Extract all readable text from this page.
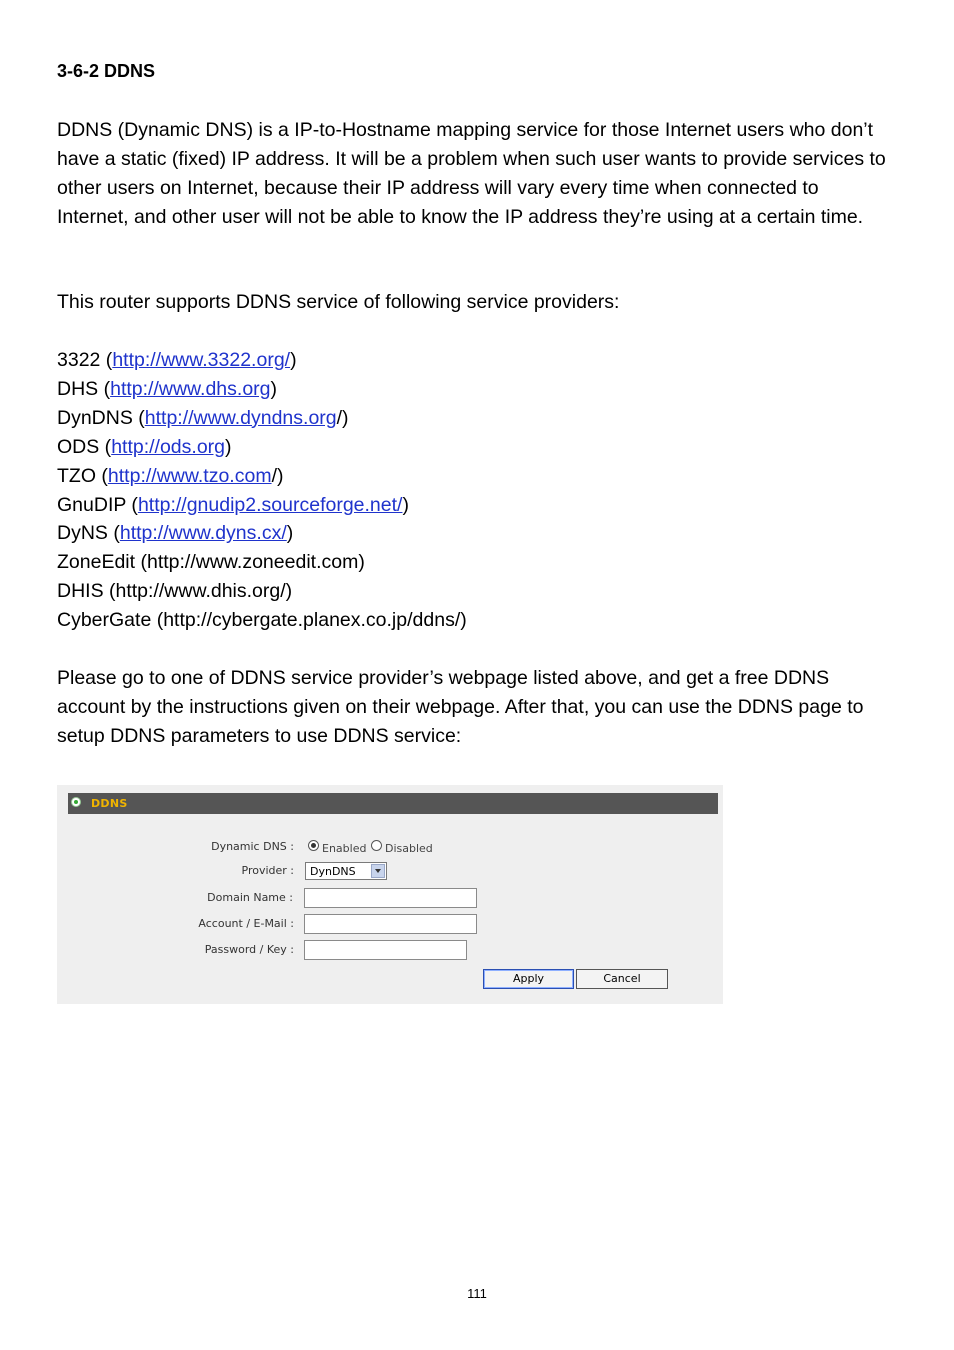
3-6-2 DDNS

DDNS (Dynamic DNS) is a IP-to-Hostname mapping service for those Internet users who don’t have a static (fixed) IP address. It will be a problem when such user wants to provide services to other users on Internet, because their IP address will vary every time when connected to Internet, and other user will not be able to know the IP address they’re using at a certain time.

This router supports DDNS service of following service providers:

3322 (http://www.3322.org/)
DHS (http://www.dhs.org)
DynDNS (http://www.dyndns.org/)
ODS (http://ods.org)
TZO (http://www.tzo.com/)
GnuDIP (http://gnudip2.sourceforge.net/)
DyNS (http://www.dyns.cx/)
ZoneEdit (http://www.zoneedit.com)
DHIS (http://www.dhis.org/)
CyberGate (http://cybergate.planex.co.jp/ddns/)

Please go to one of DDNS service provider’s webpage listed above, and get a free DDNS account by the instructions given on their webpage. After that, you can use the DDNS page to setup DDNS parameters to use DDNS service:

DDNS
Dynamic DNS :	Enabled Disabled
Provider : DynDNS
Domain Name :
Account / E-Mail :
Password / Key :
Apply	Cancel
111
